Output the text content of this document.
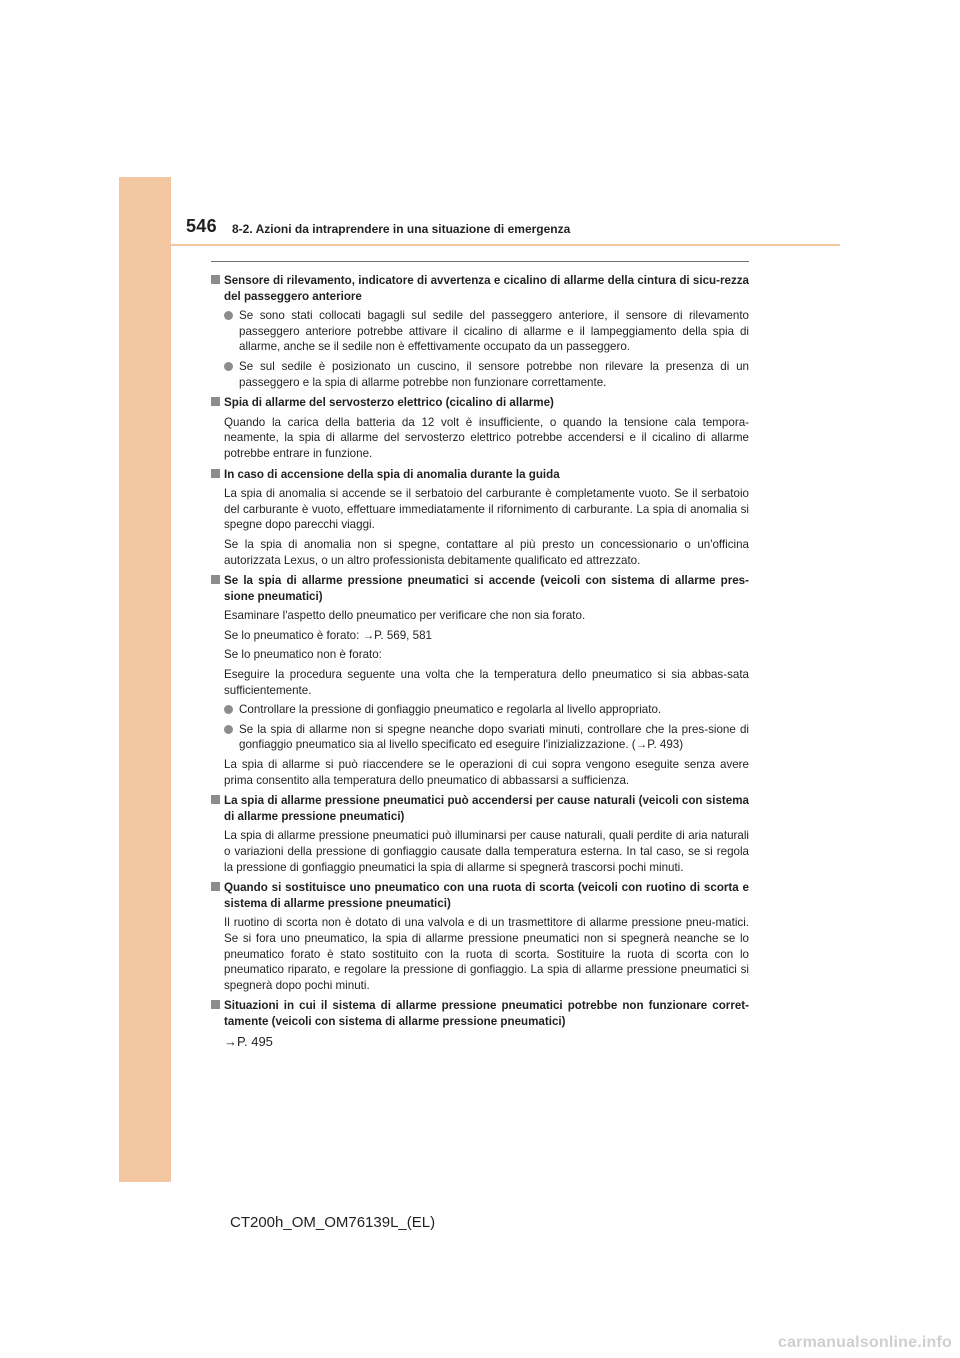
546 8-2. Azioni da intraprendere in una situazione di emergenza
Sensore di rilevamento, indicatore di avvertenza e cicalino di allarme della cintura di sicu-rezza del passeggero anteriore
Se sono stati collocati bagagli sul sedile del passeggero anteriore, il sensore di rilevamento passeggero anteriore potrebbe attivare il cicalino di allarme e il lampeggiamento della spia di allarme, anche se il sedile non è effettivamente occupato da un passeggero.
Se sul sedile è posizionato un cuscino, il sensore potrebbe non rilevare la presenza di un passeggero e la spia di allarme potrebbe non funzionare correttamente.
Spia di allarme del servosterzo elettrico (cicalino di allarme)
Quando la carica della batteria da 12 volt è insufficiente, o quando la tensione cala tempora-neamente, la spia di allarme del servosterzo elettrico potrebbe accendersi e il cicalino di allarme potrebbe entrare in funzione.
In caso di accensione della spia di anomalia durante la guida
La spia di anomalia si accende se il serbatoio del carburante è completamente vuoto. Se il serbatoio del carburante è vuoto, effettuare immediatamente il rifornimento di carburante. La spia di anomalia si spegne dopo parecchi viaggi.
Se la spia di anomalia non si spegne, contattare al più presto un concessionario o un'officina autorizzata Lexus, o un altro professionista debitamente qualificato ed attrezzato.
Se la spia di allarme pressione pneumatici si accende (veicoli con sistema di allarme pres-sione pneumatici)
Esaminare l'aspetto dello pneumatico per verificare che non sia forato.
Se lo pneumatico è forato: →P. 569, 581
Se lo pneumatico non è forato:
Eseguire la procedura seguente una volta che la temperatura dello pneumatico si sia abbas-sata sufficientemente.
Controllare la pressione di gonfiaggio pneumatico e regolarla al livello appropriato.
Se la spia di allarme non si spegne neanche dopo svariati minuti, controllare che la pres-sione di gonfiaggio pneumatico sia al livello specificato ed eseguire l'inizializzazione. (→P. 493)
La spia di allarme si può riaccendere se le operazioni di cui sopra vengono eseguite senza avere prima consentito alla temperatura dello pneumatico di abbassarsi a sufficienza.
La spia di allarme pressione pneumatici può accendersi per cause naturali (veicoli con sistema di allarme pressione pneumatici)
La spia di allarme pressione pneumatici può illuminarsi per cause naturali, quali perdite di aria naturali o variazioni della pressione di gonfiaggio causate dalla temperatura esterna. In tal caso, se si regola la pressione di gonfiaggio pneumatici la spia di allarme si spegnerà trascorsi pochi minuti.
Quando si sostituisce uno pneumatico con una ruota di scorta (veicoli con ruotino di scorta e sistema di allarme pressione pneumatici)
Il ruotino di scorta non è dotato di una valvola e di un trasmettitore di allarme pressione pneu-matici. Se si fora uno pneumatico, la spia di allarme pressione pneumatici non si spegnerà neanche se lo pneumatico forato è stato sostituito con la ruota di scorta. Sostituire la ruota di scorta con lo pneumatico riparato, e regolare la pressione di gonfiaggio. La spia di allarme pressione pneumatici si spegnerà dopo pochi minuti.
Situazioni in cui il sistema di allarme pressione pneumatici potrebbe non funzionare corret-tamente (veicoli con sistema di allarme pressione pneumatici)
→P. 495
CT200h_OM_OM76139L_(EL)
carmanualsonline.info
